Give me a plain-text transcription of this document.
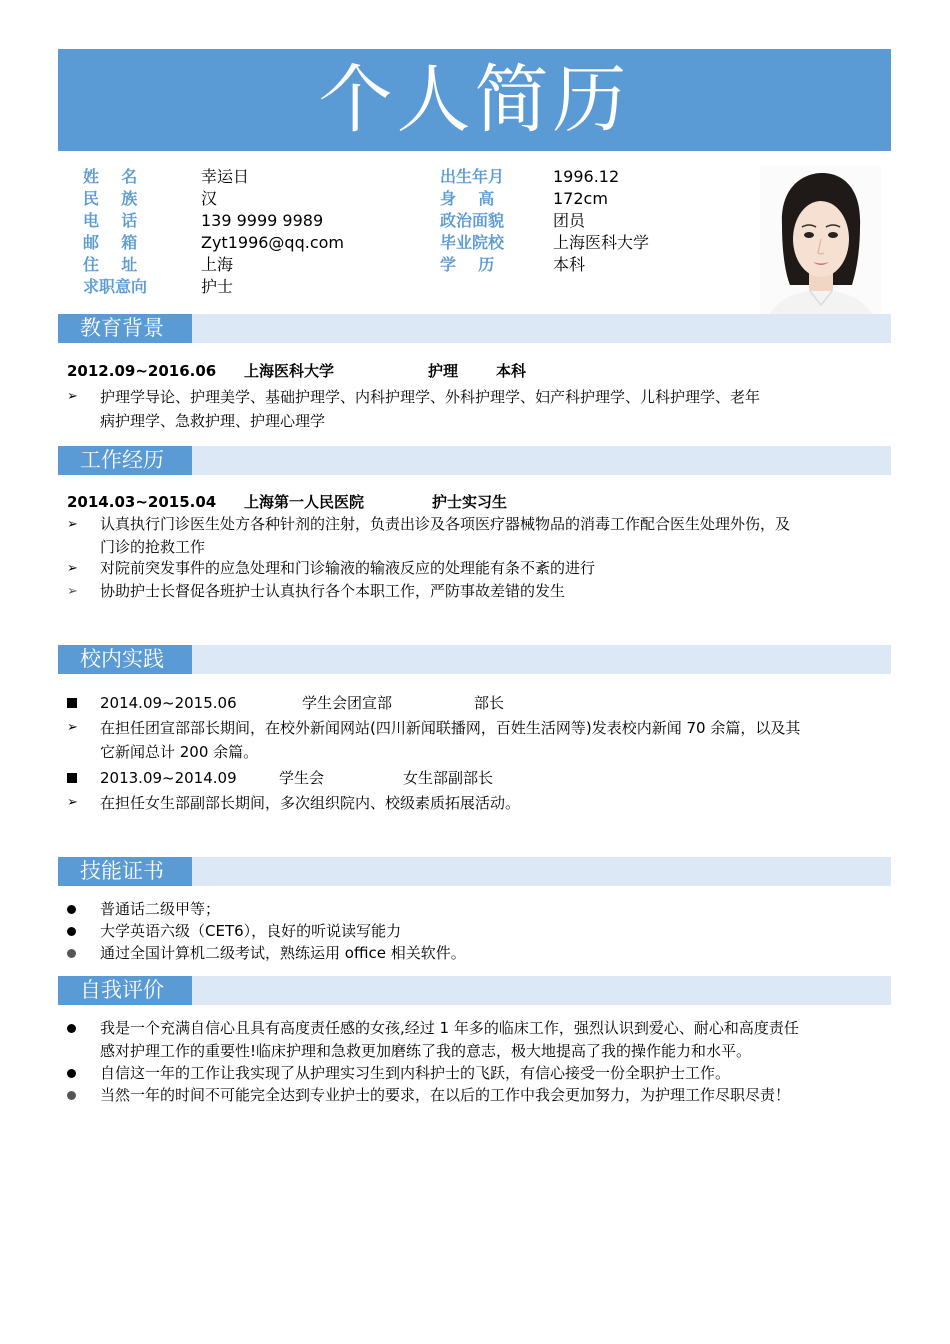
个人简历
姓    名	幸运日
民    族	汉
电    话	139 9999 9989
邮    箱	Zyt1996@qq.com
住    址	上海
求职意向	护士
出生年月	1996.12
身    高	172cm
政治面貌	团员
毕业院校	上海医科大学
学    历	本科
教育背景
2012.09~2016.06 上海医科大学	护理	本科
➢	护理学导论、护理美学、基础护理学、内科护理学、外科护理学、妇产科护理学、儿科护理学、老年
病护理学、急救护理、护理心理学
工作经历
2014.03~2015.04 上海第一人民医院	护士实习生
➢	认真执行门诊医生处方各种针剂的注射，负责出诊及各项医疗器械物品的消毒工作配合医生处理外伤，及
门诊的抢救工作
➢	对院前突发事件的应急处理和门诊输液的输液反应的处理能有条不紊的进行
➢	协助护士长督促各班护士认真执行各个本职工作，严防事故差错的发生
校内实践
2014.09~2015.06	学生会团宣部	部长
➢	在担任团宣部部长期间，在校外新闻网站(四川新闻联播网，百姓生活网等)发表校内新闻 70 余篇，以及其
它新闻总计 200 余篇。
2013.09~2014.09	学生会	女生部副部长
➢	在担任女生部副部长期间，多次组织院内、校级素质拓展活动。
技能证书
普通话二级甲等；
大学英语六级（CET6），良好的听说读写能力
通过全国计算机二级考试，熟练运用 office 相关软件。
自我评价
我是一个充满自信心且具有高度责任感的女孩,经过 1 年多的临床工作，强烈认识到爱心、耐心和高度责任
感对护理工作的重要性!临床护理和急救更加磨练了我的意志，极大地提高了我的操作能力和水平。
自信这一年的工作让我实现了从护理实习生到内科护士的飞跃，有信心接受一份全职护士工作。
当然一年的时间不可能完全达到专业护士的要求，在以后的工作中我会更加努力，为护理工作尽职尽责！
